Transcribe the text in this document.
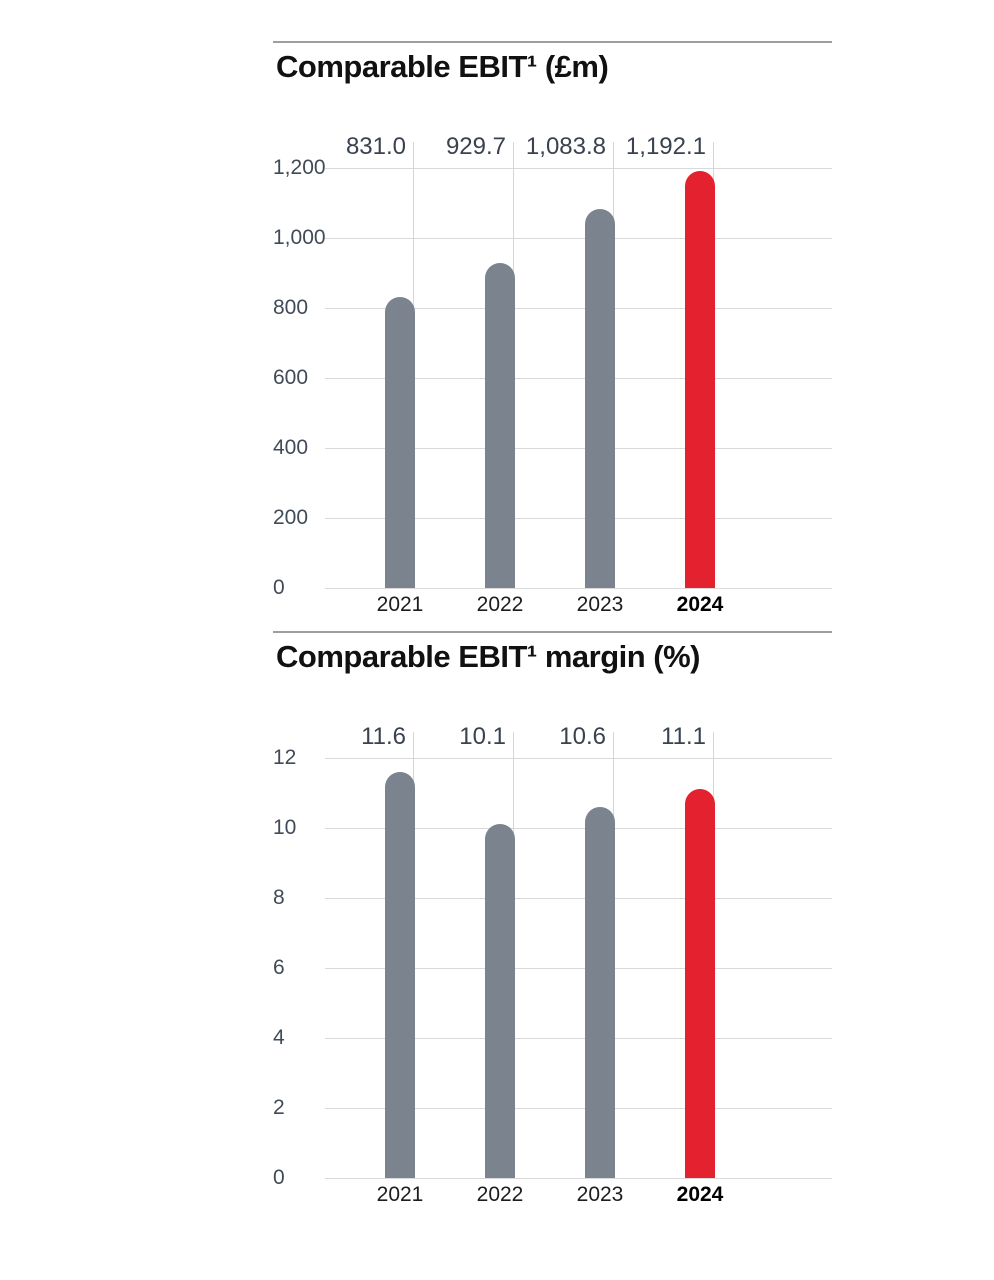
Comparable EBIT¹ (£m)
1,200
1,000
800
600
400
200
0
831.0
2021
929.7
2022
1,083.8
2023
1,192.1
2024
Comparable EBIT¹ margin (%)
12
10
8
6
4
2
0
11.6
2021
10.1
2022
10.6
2023
11.1
2024
